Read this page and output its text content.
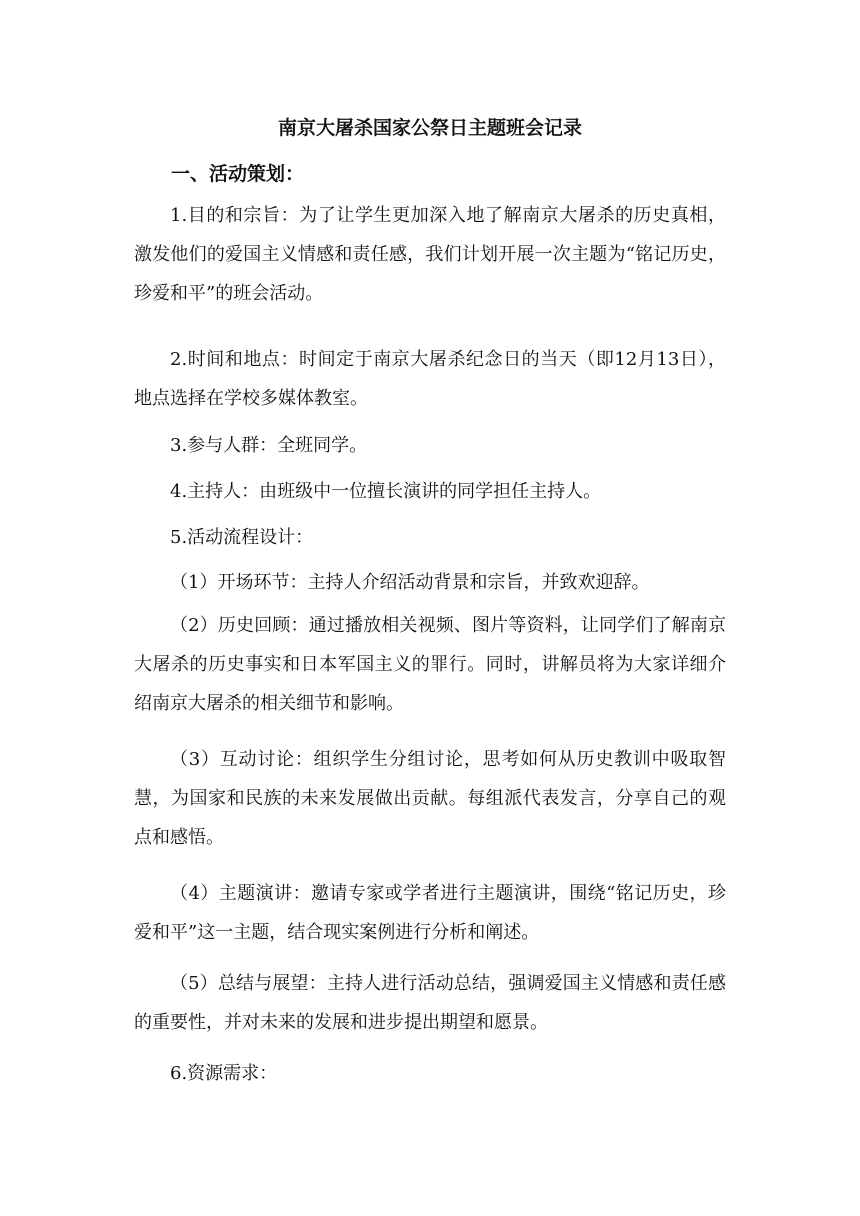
南京大屠杀国家公祭日主题班会记录

一、活动策划：

1.目的和宗旨：为了让学生更加深入地了解南京大屠杀的历史真相，激发他们的爱国主义情感和责任感，我们计划开展一次主题为“铭记历史，珍爱和平”的班会活动。

2.时间和地点：时间定于南京大屠杀纪念日的当天（即12月13日），地点选择在学校多媒体教室。

3.参与人群：全班同学。

4.主持人：由班级中一位擅长演讲的同学担任主持人。

5.活动流程设计：

（1）开场环节：主持人介绍活动背景和宗旨，并致欢迎辞。

（2）历史回顾：通过播放相关视频、图片等资料，让同学们了解南京大屠杀的历史事实和日本军国主义的罪行。同时，讲解员将为大家详细介绍南京大屠杀的相关细节和影响。

（3）互动讨论：组织学生分组讨论，思考如何从历史教训中吸取智慧，为国家和民族的未来发展做出贡献。每组派代表发言，分享自己的观点和感悟。

（4）主题演讲：邀请专家或学者进行主题演讲，围绕“铭记历史，珍爱和平”这一主题，结合现实案例进行分析和阐述。

（5）总结与展望：主持人进行活动总结，强调爱国主义情感和责任感的重要性，并对未来的发展和进步提出期望和愿景。

6.资源需求：
